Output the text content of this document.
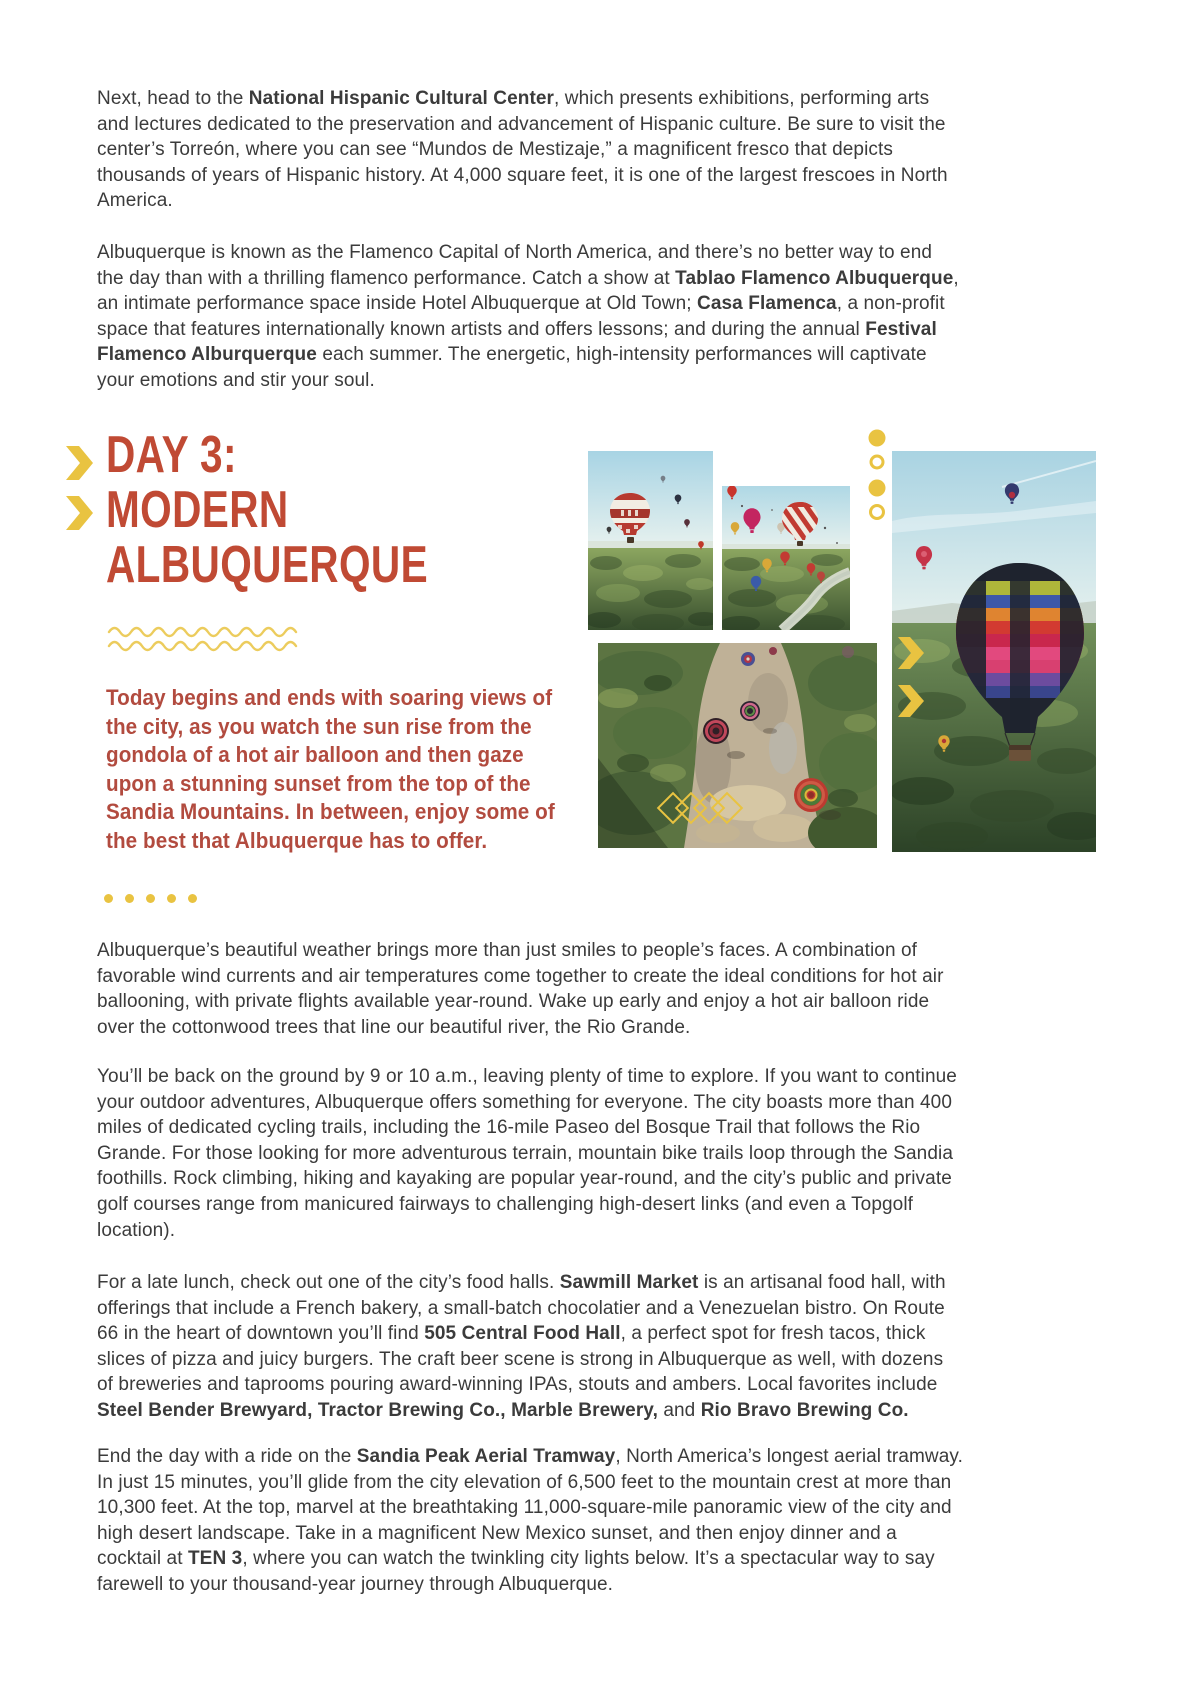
Next, head to the National Hispanic Cultural Center, which presents exhibitions, performing arts and lectures dedicated to the preservation and advancement of Hispanic culture. Be sure to visit the center’s Torreón, where you can see “Mundos de Mestizaje,” a magnificent fresco that depicts thousands of years of Hispanic history. At 4,000 square feet, it is one of the largest frescoes in North America.

Albuquerque is known as the Flamenco Capital of North America, and there’s no better way to end the day than with a thrilling flamenco performance. Catch a show at Tablao Flamenco Albuquerque, an intimate performance space inside Hotel Albuquerque at Old Town; Casa Flamenca, a non-profit space that features internationally known artists and offers lessons; and during the annual Festival Flamenco Alburquerque each summer. The energetic, high-intensity performances will captivate your emotions and stir your soul.

DAY 3:
MODERN
ALBUQUERQUE

Today begins and ends with soaring views of the city, as you watch the sun rise from the gondola of a hot air balloon and then gaze upon a stunning sunset from the top of the Sandia Mountains. In between, enjoy some of the best that Albuquerque has to offer.

Albuquerque’s beautiful weather brings more than just smiles to people’s faces. A combination of favorable wind currents and air temperatures come together to create the ideal conditions for hot air ballooning, with private flights available year-round. Wake up early and enjoy a hot air balloon ride over the cottonwood trees that line our beautiful river, the Rio Grande.

You’ll be back on the ground by 9 or 10 a.m., leaving plenty of time to explore. If you want to continue your outdoor adventures, Albuquerque offers something for everyone. The city boasts more than 400 miles of dedicated cycling trails, including the 16-mile Paseo del Bosque Trail that follows the Rio Grande. For those looking for more adventurous terrain, mountain bike trails loop through the Sandia foothills. Rock climbing, hiking and kayaking are popular year-round, and the city’s public and private golf courses range from manicured fairways to challenging high-desert links (and even a Topgolf location).

For a late lunch, check out one of the city’s food halls. Sawmill Market is an artisanal food hall, with offerings that include a French bakery, a small-batch chocolatier and a Venezuelan bistro. On Route 66 in the heart of downtown you’ll find 505 Central Food Hall, a perfect spot for fresh tacos, thick slices of pizza and juicy burgers. The craft beer scene is strong in Albuquerque as well, with dozens of breweries and taprooms pouring award-winning IPAs, stouts and ambers. Local favorites include Steel Bender Brewyard, Tractor Brewing Co., Marble Brewery, and Rio Bravo Brewing Co.

End the day with a ride on the Sandia Peak Aerial Tramway, North America’s longest aerial tramway. In just 15 minutes, you’ll glide from the city elevation of 6,500 feet to the mountain crest at more than 10,300 feet. At the top, marvel at the breathtaking 11,000-square-mile panoramic view of the city and high desert landscape. Take in a magnificent New Mexico sunset, and then enjoy dinner and a cocktail at TEN 3, where you can watch the twinkling city lights below. It’s a spectacular way to say farewell to your thousand-year journey through Albuquerque.
